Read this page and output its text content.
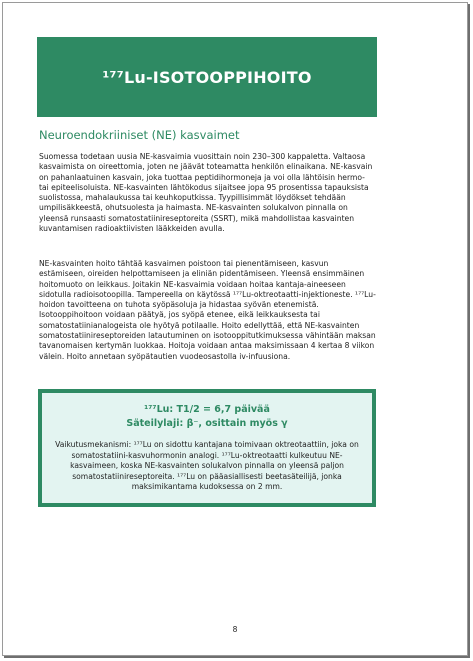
¹⁷⁷Lu-ISOTOOPPIHOITO
Neuroendokriiniset (NE) kasvaimet

Suomessa todetaan uusia NE-kasvaimia vuosittain noin 230–300 kappaletta. Valtaosa kasvaimista on oireettomia, joten ne jäävät toteamatta henkilön elinaikana. NE-kasvain on pahanlaatuinen kasvain, joka tuottaa peptidihormoneja ja voi olla lähtöisin hermo- tai epiteelisoluista. NE-kasvainten lähtökodus sijaitsee jopa 95 prosentissa tapauksista suolistossa, mahalaukussa tai keuhkoputkissa. Tyypillisimmät löydökset tehdään umpilisäkkeestä, ohutsuolesta ja haimasta. NE-kasvainten solukalvon pinnalla on yleensä runsaasti somatostatiinireseptoreita (SSRT), mikä mahdollistaa kasvainten kuvantamisen radioaktiivisten lääkkeiden avulla.

NE-kasvainten hoito tähtää kasvaimen poistoon tai pienentämiseen, kasvun estämiseen, oireiden helpottamiseen ja eliniän pidentämiseen. Yleensä ensimmäinen hoitomuoto on leikkaus. Joitakin NE-kasvaimia voidaan hoitaa kantaja-aineeseen sidotulla radioisotoopilla. Tampereella on käytössä ¹⁷⁷Lu-oktreotaatti-injektioneste. ¹⁷⁷Lu-hoidon tavoitteena on tuhota syöpäsoluja ja hidastaa syövän etenemistä. Isotooppihoitoon voidaan päätyä, jos syöpä etenee, eikä leikkauksesta tai somatostatiinianalogeista ole hyötyä potilaalle. Hoito edellyttää, että NE-kasvainten somatostatiinireseptoreiden latautuminen on isotooppitutkimuksessa vähintään maksan tavanomaisen kertymän luokkaa. Hoitoja voidaan antaa maksimissaan 4 kertaa 8 viikon välein. Hoito annetaan syöpätautien vuodeosastolla iv-infuusiona.

¹⁷⁷Lu: T1/2 = 6,7 päivää
Säteilylaji: β⁻, osittain myös γ

Vaikutusmekanismi: ¹⁷⁷Lu on sidottu kantajana toimivaan oktreotaattiin, joka on somatostatiini-kasvuhormonin analogi. ¹⁷⁷Lu-oktreotaatti kulkeutuu NE-kasvaimeen, koska NE-kasvainten solukalvon pinnalla on yleensä paljon somatostatiinireseptoreita. ¹⁷⁷Lu on pääasiallisesti beetasäteilijä, jonka maksimikantama kudoksessa on 2 mm.

8
